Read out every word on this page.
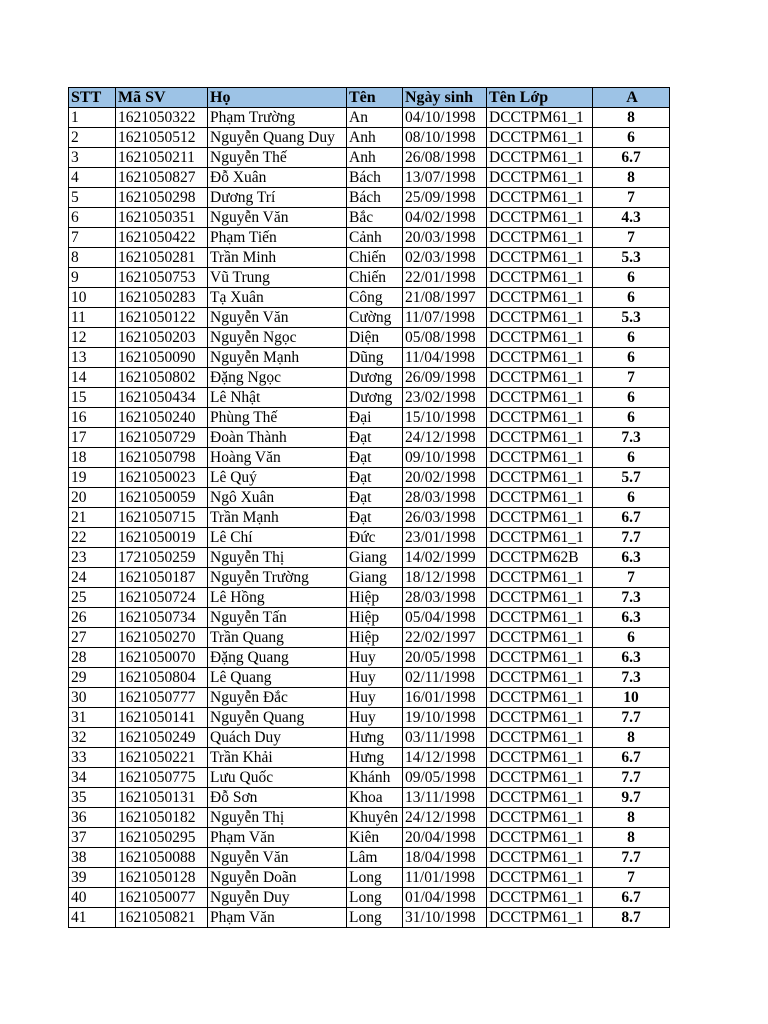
STT	Mã SV	Họ	Tên	Ngày sinh	Tên Lớp	A
1	1621050322	Phạm Trường	An	04/10/1998	DCCTPM61_1	8
2	1621050512	Nguyễn Quang Duy	Anh	08/10/1998	DCCTPM61_1	6
3	1621050211	Nguyễn Thế	Anh	26/08/1998	DCCTPM61_1	6.7
4	1621050827	Đỗ Xuân	Bách	13/07/1998	DCCTPM61_1	8
5	1621050298	Dương Trí	Bách	25/09/1998	DCCTPM61_1	7
6	1621050351	Nguyễn Văn	Bắc	04/02/1998	DCCTPM61_1	4.3
7	1621050422	Phạm Tiến	Cảnh	20/03/1998	DCCTPM61_1	7
8	1621050281	Trần Minh	Chiến	02/03/1998	DCCTPM61_1	5.3
9	1621050753	Vũ Trung	Chiến	22/01/1998	DCCTPM61_1	6
10	1621050283	Tạ Xuân	Công	21/08/1997	DCCTPM61_1	6
11	1621050122	Nguyễn Văn	Cường	11/07/1998	DCCTPM61_1	5.3
12	1621050203	Nguyễn Ngọc	Diện	05/08/1998	DCCTPM61_1	6
13	1621050090	Nguyễn Mạnh	Dũng	11/04/1998	DCCTPM61_1	6
14	1621050802	Đặng Ngọc	Dương	26/09/1998	DCCTPM61_1	7
15	1621050434	Lê Nhật	Dương	23/02/1998	DCCTPM61_1	6
16	1621050240	Phùng Thế	Đại	15/10/1998	DCCTPM61_1	6
17	1621050729	Đoàn Thành	Đạt	24/12/1998	DCCTPM61_1	7.3
18	1621050798	Hoàng Văn	Đạt	09/10/1998	DCCTPM61_1	6
19	1621050023	Lê Quý	Đạt	20/02/1998	DCCTPM61_1	5.7
20	1621050059	Ngô Xuân	Đạt	28/03/1998	DCCTPM61_1	6
21	1621050715	Trần Mạnh	Đạt	26/03/1998	DCCTPM61_1	6.7
22	1621050019	Lê Chí	Đức	23/01/1998	DCCTPM61_1	7.7
23	1721050259	Nguyễn Thị	Giang	14/02/1999	DCCTPM62B	6.3
24	1621050187	Nguyễn Trường	Giang	18/12/1998	DCCTPM61_1	7
25	1621050724	Lê Hồng	Hiệp	28/03/1998	DCCTPM61_1	7.3
26	1621050734	Nguyễn Tấn	Hiệp	05/04/1998	DCCTPM61_1	6.3
27	1621050270	Trần Quang	Hiệp	22/02/1997	DCCTPM61_1	6
28	1621050070	Đặng Quang	Huy	20/05/1998	DCCTPM61_1	6.3
29	1621050804	Lê Quang	Huy	02/11/1998	DCCTPM61_1	7.3
30	1621050777	Nguyễn Đắc	Huy	16/01/1998	DCCTPM61_1	10
31	1621050141	Nguyễn Quang	Huy	19/10/1998	DCCTPM61_1	7.7
32	1621050249	Quách Duy	Hưng	03/11/1998	DCCTPM61_1	8
33	1621050221	Trần Khải	Hưng	14/12/1998	DCCTPM61_1	6.7
34	1621050775	Lưu Quốc	Khánh	09/05/1998	DCCTPM61_1	7.7
35	1621050131	Đỗ Sơn	Khoa	13/11/1998	DCCTPM61_1	9.7
36	1621050182	Nguyễn Thị	Khuyên	24/12/1998	DCCTPM61_1	8
37	1621050295	Phạm Văn	Kiên	20/04/1998	DCCTPM61_1	8
38	1621050088	Nguyễn Văn	Lâm	18/04/1998	DCCTPM61_1	7.7
39	1621050128	Nguyễn Doãn	Long	11/01/1998	DCCTPM61_1	7
40	1621050077	Nguyễn Duy	Long	01/04/1998	DCCTPM61_1	6.7
41	1621050821	Phạm Văn	Long	31/10/1998	DCCTPM61_1	8.7
